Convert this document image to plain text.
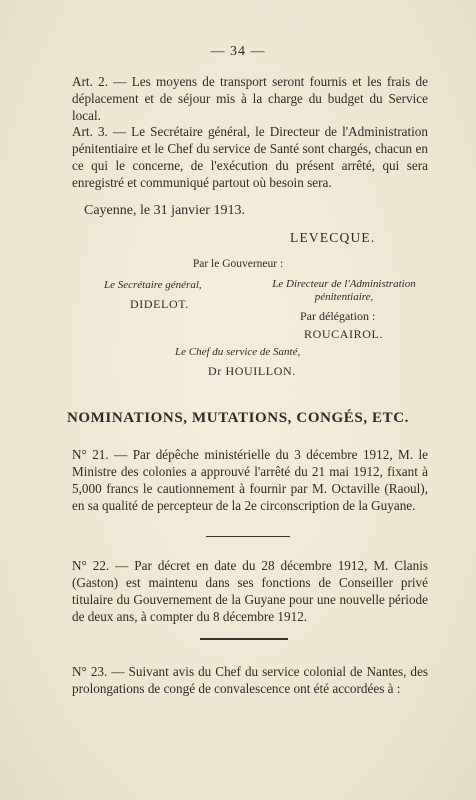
— 34 —
Art. 2. — Les moyens de transport seront fournis et les frais de déplacement et de séjour mis à la charge du budget du Service local.
Art. 3. — Le Secrétaire général, le Directeur de l'Administration pénitentiaire et le Chef du service de Santé sont chargés, chacun en ce qui le concerne, de l'exécution du présent arrêté, qui sera enregistré et communiqué partout où besoin sera.
Cayenne, le 31 janvier 1913.
LEVECQUE.
Par le Gouverneur :
Le Secrétaire général,	Le Directeur de l'Administration
pénitentiaire,
DIDELOT.
Par délégation :
ROUCAIROL.
Le Chef du service de Santé,
Dr HOUILLON.
NOMINATIONS, MUTATIONS, CONGÉS, ETC.
N° 21. — Par dépêche ministérielle du 3 décembre 1912, M. le Ministre des colonies a approuvé l'arrêté du 21 mai 1912, fixant à 5,000 francs le cautionnement à fournir par M. Octaville (Raoul), en sa qualité de percepteur de la 2e circonscription de la Guyane.
N° 22. — Par décret en date du 28 décembre 1912, M. Clanis (Gaston) est maintenu dans ses fonctions de Conseiller privé titulaire du Gouvernement de la Guyane pour une nouvelle période de deux ans, à compter du 8 décembre 1912.
N° 23. — Suivant avis du Chef du service colonial de Nantes, des prolongations de congé de convalescence ont été accordées à :
